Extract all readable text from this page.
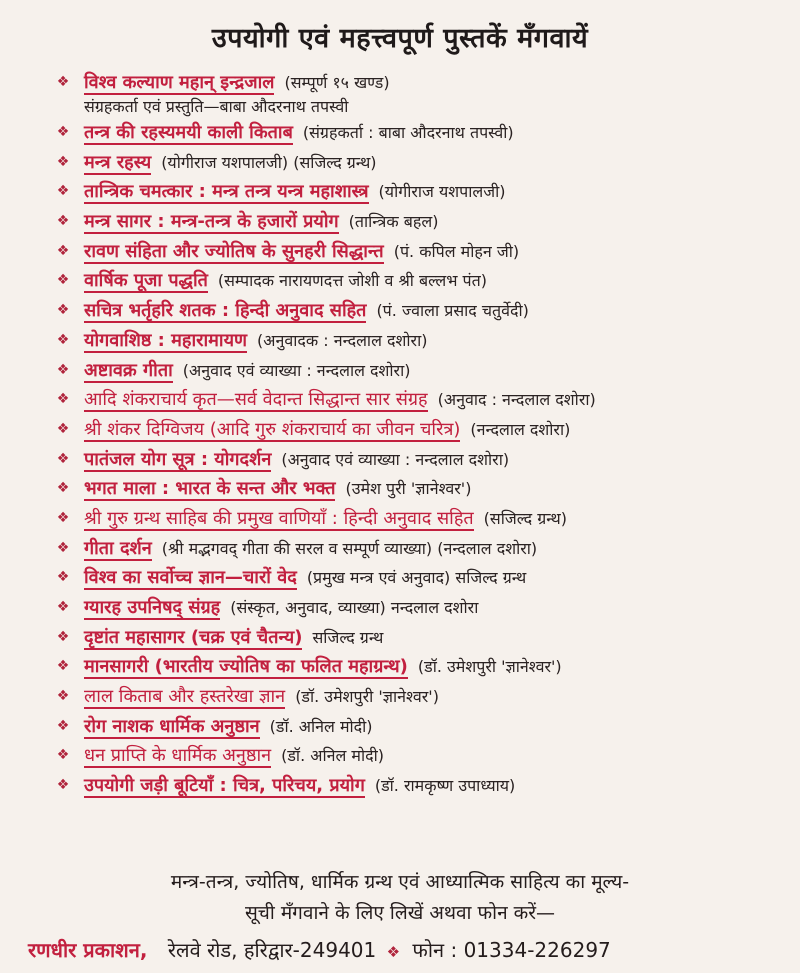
उपयोगी एवं महत्त्वपूर्ण पुस्तकें मँगवायें
❖ विश्व कल्याण महान् इन्द्रजाल (सम्पूर्ण १५ खण्ड)
संग्रहकर्ता एवं प्रस्तुति—बाबा औदरनाथ तपस्वी
❖ तन्त्र की रहस्यमयी काली किताब (संग्रहकर्ता : बाबा औदरनाथ तपस्वी)
❖ मन्त्र रहस्य (योगीराज यशपालजी) (सजिल्द ग्रन्थ)
❖ तान्त्रिक चमत्कार : मन्त्र तन्त्र यन्त्र महाशास्त्र (योगीराज यशपालजी)
❖ मन्त्र सागर : मन्त्र-तन्त्र के हजारों प्रयोग (तान्त्रिक बहल)
❖ रावण संहिता और ज्योतिष के सुनहरी सिद्धान्त (पं. कपिल मोहन जी)
❖ वार्षिक पूजा पद्धति (सम्पादक नारायणदत्त जोशी व श्री बल्लभ पंत)
❖ सचित्र भर्तृहरि शतक : हिन्दी अनुवाद सहित (पं. ज्वाला प्रसाद चतुर्वेदी)
❖ योगवाशिष्ठ : महारामायण (अनुवादक : नन्दलाल दशोरा)
❖ अष्टावक्र गीता (अनुवाद एवं व्याख्या : नन्दलाल दशोरा)
❖ आदि शंकराचार्य कृत—सर्व वेदान्त सिद्धान्त सार संग्रह (अनुवाद : नन्दलाल दशोरा)
❖ श्री शंकर दिग्विजय (आदि गुरु शंकराचार्य का जीवन चरित्र) (नन्दलाल दशोरा)
❖ पातंजल योग सूत्र : योगदर्शन (अनुवाद एवं व्याख्या : नन्दलाल दशोरा)
❖ भगत माला : भारत के सन्त और भक्त (उमेश पुरी 'ज्ञानेश्वर')
❖ श्री गुरु ग्रन्थ साहिब की प्रमुख वाणियाँ : हिन्दी अनुवाद सहित (सजिल्द ग्रन्थ)
❖ गीता दर्शन (श्री मद्भगवद् गीता की सरल व सम्पूर्ण व्याख्या) (नन्दलाल दशोरा)
❖ विश्व का सर्वोच्च ज्ञान—चारों वेद (प्रमुख मन्त्र एवं अनुवाद) सजिल्द ग्रन्थ
❖ ग्यारह उपनिषद् संग्रह (संस्कृत, अनुवाद, व्याख्या) नन्दलाल दशोरा
❖ दृष्टांत महासागर (चक्र एवं चैतन्य) सजिल्द ग्रन्थ
❖ मानसागरी (भारतीय ज्योतिष का फलित महाग्रन्थ) (डॉ. उमेशपुरी 'ज्ञानेश्वर')
❖ लाल किताब और हस्तरेखा ज्ञान (डॉ. उमेशपुरी 'ज्ञानेश्वर')
❖ रोग नाशक धार्मिक अनुष्ठान (डॉ. अनिल मोदी)
❖ धन प्राप्ति के धार्मिक अनुष्ठान (डॉ. अनिल मोदी)
❖ उपयोगी जड़ी बूटियाँ : चित्र, परिचय, प्रयोग (डॉ. रामकृष्ण उपाध्याय)
मन्त्र-तन्त्र, ज्योतिष, धार्मिक ग्रन्थ एवं आध्यात्मिक साहित्य का मूल्य-
सूची मँगवाने के लिए लिखें अथवा फोन करें—
रणधीर प्रकाशन, रेलवे रोड, हरिद्वार-249401 ❖ फोन : 01334-226297
